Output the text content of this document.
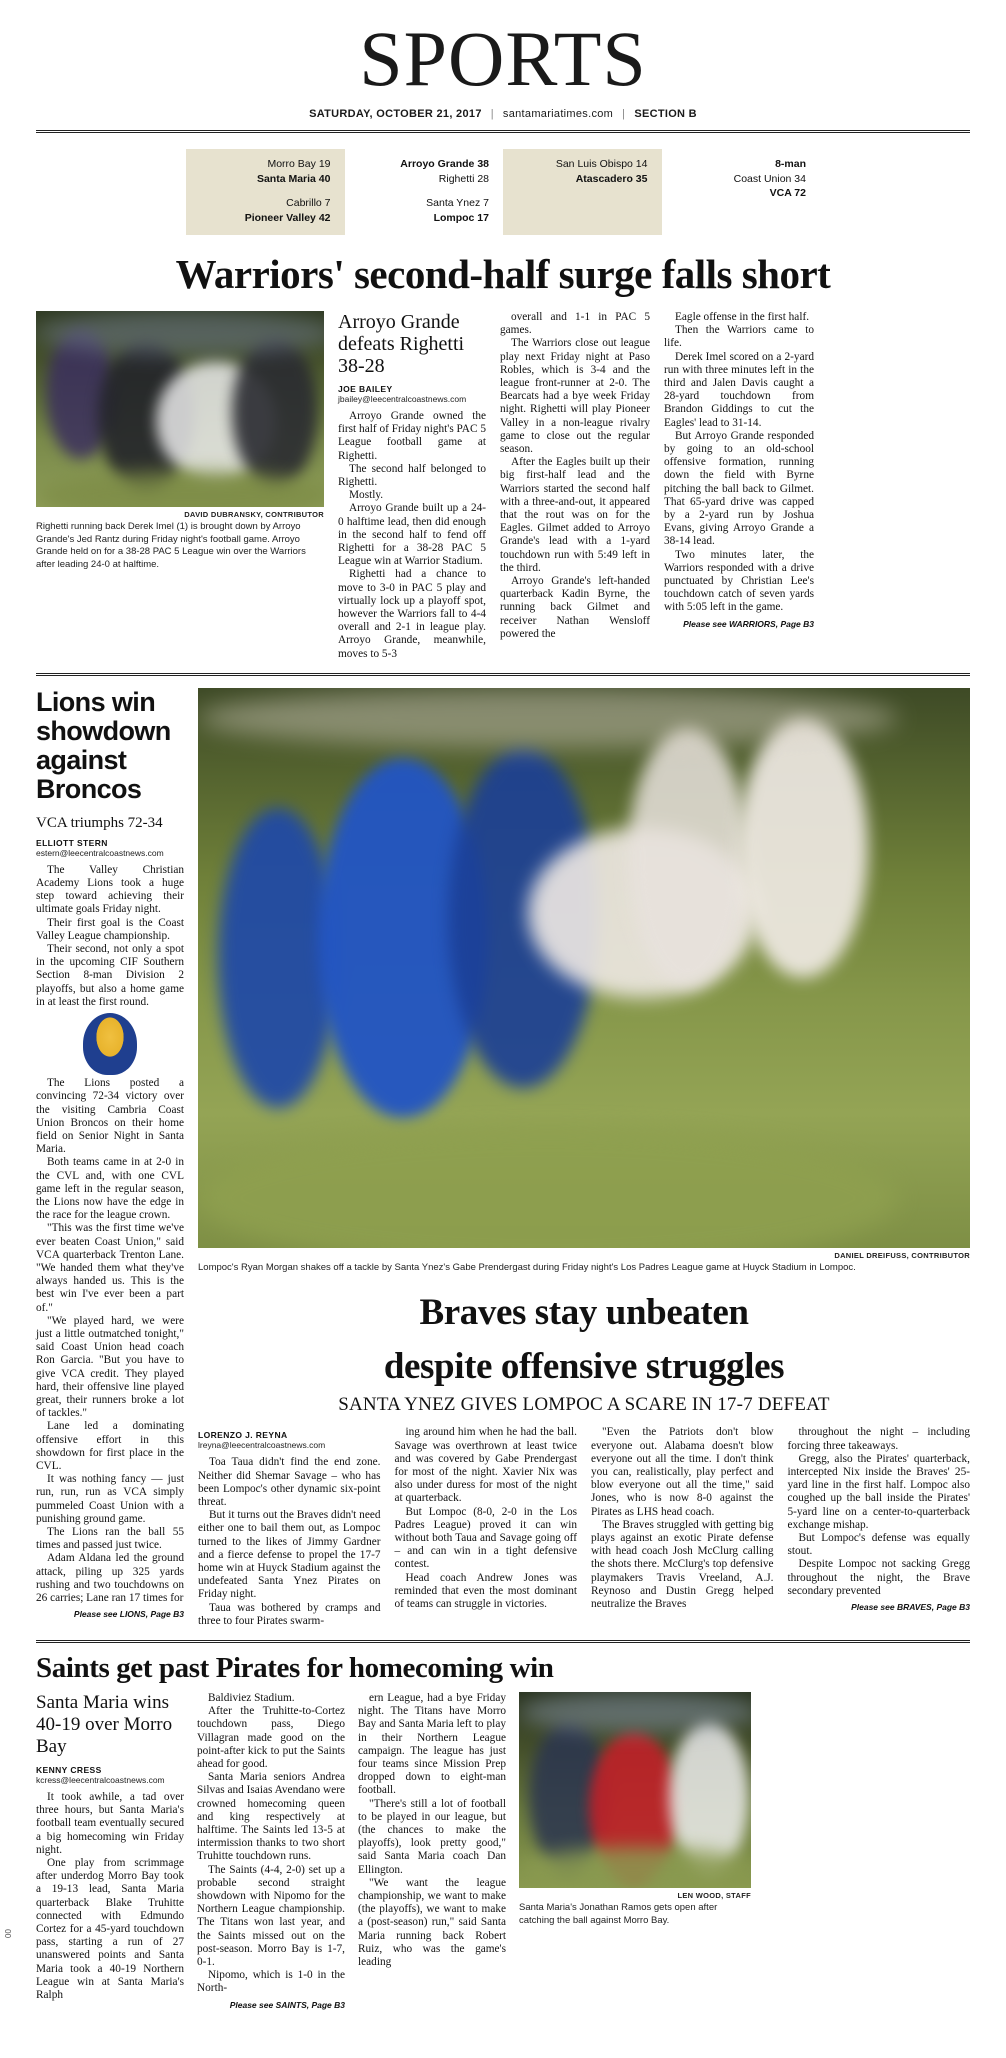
SPORTS
SATURDAY, OCTOBER 21, 2017 | santamariatimes.com | SECTION B
Morro Bay 19
Santa Maria 40
Cabrillo 7
Pioneer Valley 42
Arroyo Grande 38
Righetti 28
Santa Ynez 7
Lompoc 17
San Luis Obispo 14
Atascadero 35
8-man
Coast Union 34
VCA 72
Warriors' second-half surge falls short
DAVID DUBRANSKY, CONTRIBUTOR
Righetti running back Derek Imel (1) is brought down by Arroyo Grande's Jed Rantz during Friday night's football game. Arroyo Grande held on for a 38-28 PAC 5 League win over the Warriors after leading 24-0 at halftime.
Arroyo Grande defeats Righetti 38-28
JOE BAILEY
jbailey@leecentralcoastnews.com

Arroyo Grande owned the first half of Friday night's PAC 5 League football game at Righetti.

The second half belonged to Righetti.

Mostly.

Arroyo Grande built up a 24-0 halftime lead, then did enough in the second half to fend off Righetti for a 38-28 PAC 5 League win at Warrior Stadium.

Righetti had a chance to move to 3-0 in PAC 5 play and virtually lock up a playoff spot, however the Warriors fall to 4-4 overall and 2-1 in league play. Arroyo Grande, meanwhile, moves to 5-3

overall and 1-1 in PAC 5 games.

The Warriors close out league play next Friday night at Paso Robles, which is 3-4 and the league front-runner at 2-0. The Bearcats had a bye week Friday night. Righetti will play Pioneer Valley in a non-league rivalry game to close out the regular season.

After the Eagles built up their big first-half lead and the Warriors started the second half with a three-and-out, it appeared that the rout was on for the Eagles. Gilmet added to Arroyo Grande's lead with a 1-yard touchdown run with 5:49 left in the third.

Arroyo Grande's left-handed quarterback Kadin Byrne, the running back Gilmet and receiver Nathan Wensloff powered the

Eagle offense in the first half.

Then the Warriors came to life.

Derek Imel scored on a 2-yard run with three minutes left in the third and Jalen Davis caught a 28-yard touchdown from Brandon Giddings to cut the Eagles' lead to 31-14.

But Arroyo Grande responded by going to an old-school offensive formation, running down the field with Byrne pitching the ball back to Gilmet. That 65-yard drive was capped by a 2-yard run by Joshua Evans, giving Arroyo Grande a 38-14 lead.

Two minutes later, the Warriors responded with a drive punctuated by Christian Lee's touchdown catch of seven yards with 5:05 left in the game.

Please see WARRIORS, Page B3
Lions win showdown against Broncos
VCA triumphs 72-34
ELLIOTT STERN
estern@leecentralcoastnews.com

The Valley Christian Academy Lions took a huge step toward achieving their ultimate goals Friday night.

Their first goal is the Coast Valley League championship.

Their second, not only a spot in the upcoming CIF Southern Section 8-man Division 2 playoffs, but also a home game in at least the first round.

The Lions posted a convincing 72-34 victory over the visiting Cambria Coast Union Broncos on their home field on Senior Night in Santa Maria.

Both teams came in at 2-0 in the CVL and, with one CVL game left in the regular season, the Lions now have the edge in the race for the league crown.

"This was the first time we've ever beaten Coast Union," said VCA quarterback Trenton Lane. "We handed them what they've always handed us. This is the best win I've ever been a part of."

"We played hard, we were just a little outmatched tonight," said Coast Union head coach Ron Garcia. "But you have to give VCA credit. They played hard, their offensive line played great, their runners broke a lot of tackles."

Lane led a dominating offensive effort in this showdown for first place in the CVL.

It was nothing fancy — just run, run, run as VCA simply pummeled Coast Union with a punishing ground game.

The Lions ran the ball 55 times and passed just twice.

Adam Aldana led the ground attack, piling up 325 yards rushing and two touchdowns on 26 carries; Lane ran 17 times for

Please see LIONS, Page B3
DANIEL DREIFUSS, CONTRIBUTOR
Lompoc's Ryan Morgan shakes off a tackle by Santa Ynez's Gabe Prendergast during Friday night's Los Padres League game at Huyck Stadium in Lompoc.
Braves stay unbeaten
despite offensive struggles
SANTA YNEZ GIVES LOMPOC A SCARE IN 17-7 DEFEAT
LORENZO J. REYNA
lreyna@leecentralcoastnews.com

Toa Taua didn't find the end zone. Neither did Shemar Savage – who has been Lompoc's other dynamic six-point threat.

But it turns out the Braves didn't need either one to bail them out, as Lompoc turned to the likes of Jimmy Gardner and a fierce defense to propel the 17-7 home win at Huyck Stadium against the undefeated Santa Ynez Pirates on Friday night.

Taua was bothered by cramps and three to four Pirates swarm-

ing around him when he had the ball. Savage was overthrown at least twice and was covered by Gabe Prendergast for most of the night. Xavier Nix was also under duress for most of the night at quarterback.

But Lompoc (8-0, 2-0 in the Los Padres League) proved it can win without both Taua and Savage going off – and can win in a tight defensive contest.

Head coach Andrew Jones was reminded that even the most dominant of teams can struggle in victories.

"Even the Patriots don't blow everyone out. Alabama doesn't blow everyone out all the time. I don't think you can, realistically, play perfect and blow everyone out all the time," said Jones, who is now 8-0 against the Pirates as LHS head coach.

The Braves struggled with getting big plays against an exotic Pirate defense with head coach Josh McClurg calling the shots there. McClurg's top defensive playmakers Travis Vreeland, A.J. Reynoso and Dustin Gregg helped neutralize the Braves

throughout the night – including forcing three takeaways.

Gregg, also the Pirates' quarterback, intercepted Nix inside the Braves' 25-yard line in the first half. Lompoc also coughed up the ball inside the Pirates' 5-yard line on a center-to-quarterback exchange mishap.

But Lompoc's defense was equally stout.

Despite Lompoc not sacking Gregg throughout the night, the Brave secondary prevented

Please see BRAVES, Page B3
Saints get past Pirates for homecoming win
Santa Maria wins 40-19 over Morro Bay
KENNY CRESS
kcress@leecentralcoastnews.com

It took awhile, a tad over three hours, but Santa Maria's football team eventually secured a big homecoming win Friday night.

One play from scrimmage after underdog Morro Bay took a 19-13 lead, Santa Maria quarterback Blake Truhitte connected with Edmundo Cortez for a 45-yard touchdown pass, starting a run of 27 unanswered points and Santa Maria took a 40-19 Northern League win at Santa Maria's Ralph

Baldiviez Stadium.

After the Truhitte-to-Cortez touchdown pass, Diego Villagran made good on the point-after kick to put the Saints ahead for good.

Santa Maria seniors Andrea Silvas and Isaias Avendano were crowned homecoming queen and king respectively at halftime. The Saints led 13-5 at intermission thanks to two short Truhitte touchdown runs.

The Saints (4-4, 2-0) set up a probable second straight showdown with Nipomo for the Northern League championship. The Titans won last year, and the Saints missed out on the post-season. Morro Bay is 1-7, 0-1.

Nipomo, which is 1-0 in the North-

Please see SAINTS, Page B3

ern League, had a bye Friday night. The Titans have Morro Bay and Santa Maria left to play in their Northern League campaign. The league has just four teams since Mission Prep dropped down to eight-man football.

"There's still a lot of football to be played in our league, but (the chances to make the playoffs), look pretty good," said Santa Maria coach Dan Ellington.

"We want the league championship, we want to make (the playoffs), we want to make a (post-season) run," said Santa Maria running back Robert Ruiz, who was the game's leading

LEN WOOD, STAFF
Santa Maria's Jonathan Ramos gets open after catching the ball against Morro Bay.
00
